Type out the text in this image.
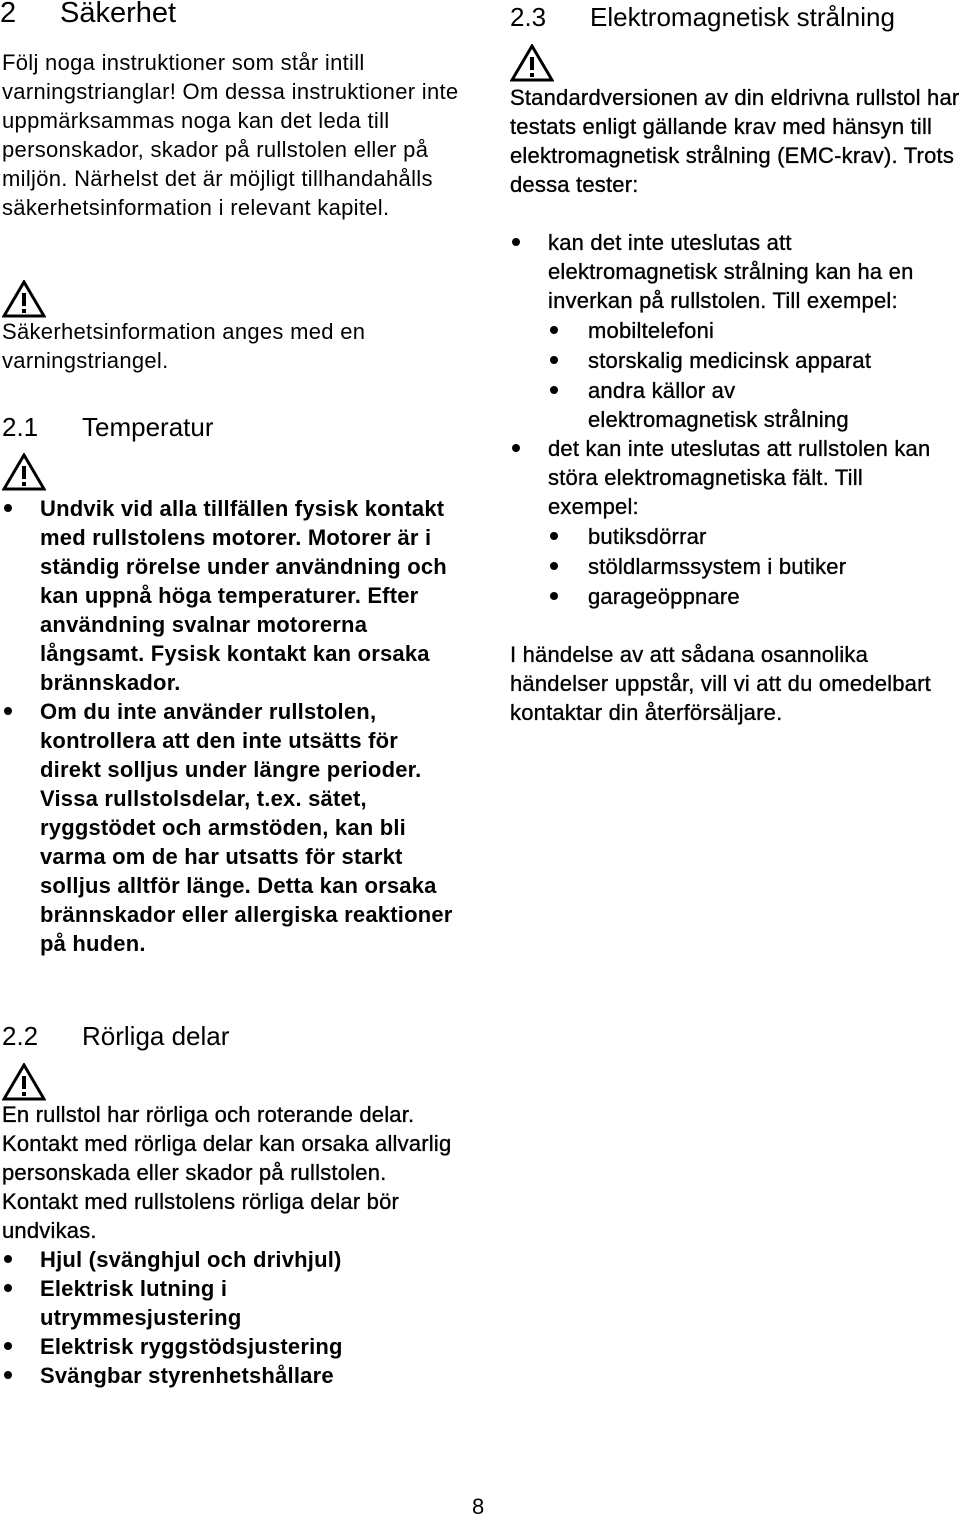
2 Säkerhet

Följ noga instruktioner som står intill varningstrianglar! Om dessa instruktioner inte uppmärksammas noga kan det leda till personskador, skador på rullstolen eller på miljön. Närhelst det är möjligt tillhandahålls säkerhetsinformation i relevant kapitel.

Säkerhetsinformation anges med en varningstriangel.

2.1 Temperatur
Undvik vid alla tillfällen fysisk kontakt med rullstolens motorer. Motorer är i ständig rörelse under användning och kan uppnå höga temperaturer. Efter användning svalnar motorerna långsamt. Fysisk kontakt kan orsaka brännskador.
Om du inte använder rullstolen, kontrollera att den inte utsätts för direkt solljus under längre perioder. Vissa rullstolsdelar, t.ex. sätet, ryggstödet och armstöden, kan bli varma om de har utsatts för starkt solljus alltför länge. Detta kan orsaka brännskador eller allergiska reaktioner på huden.
2.2 Rörliga delar

En rullstol har rörliga och roterande delar. Kontakt med rörliga delar kan orsaka allvarlig personskada eller skador på rullstolen. Kontakt med rullstolens rörliga delar bör undvikas.

Hjul (svänghjul och drivhjul)
Elektrisk lutning i utrymmesjustering
Elektrisk ryggstödsjustering
Svängbar styrenhetshållare
2.3 Elektromagnetisk strålning

Standardversionen av din eldrivna rullstol har testats enligt gällande krav med hänsyn till elektromagnetisk strålning (EMC-krav). Trots dessa tester:

kan det inte uteslutas att elektromagnetisk strålning kan ha en inverkan på rullstolen. Till exempel:
mobiltelefoni
storskalig medicinsk apparat
andra källor av elektromagnetisk strålning
det kan inte uteslutas att rullstolen kan störa elektromagnetiska fält. Till exempel:
butiksdörrar
stöldlarmssystem i butiker
garageöppnare

I händelse av att sådana osannolika händelser uppstår, vill vi att du omedelbart kontaktar din återförsäljare.

8
